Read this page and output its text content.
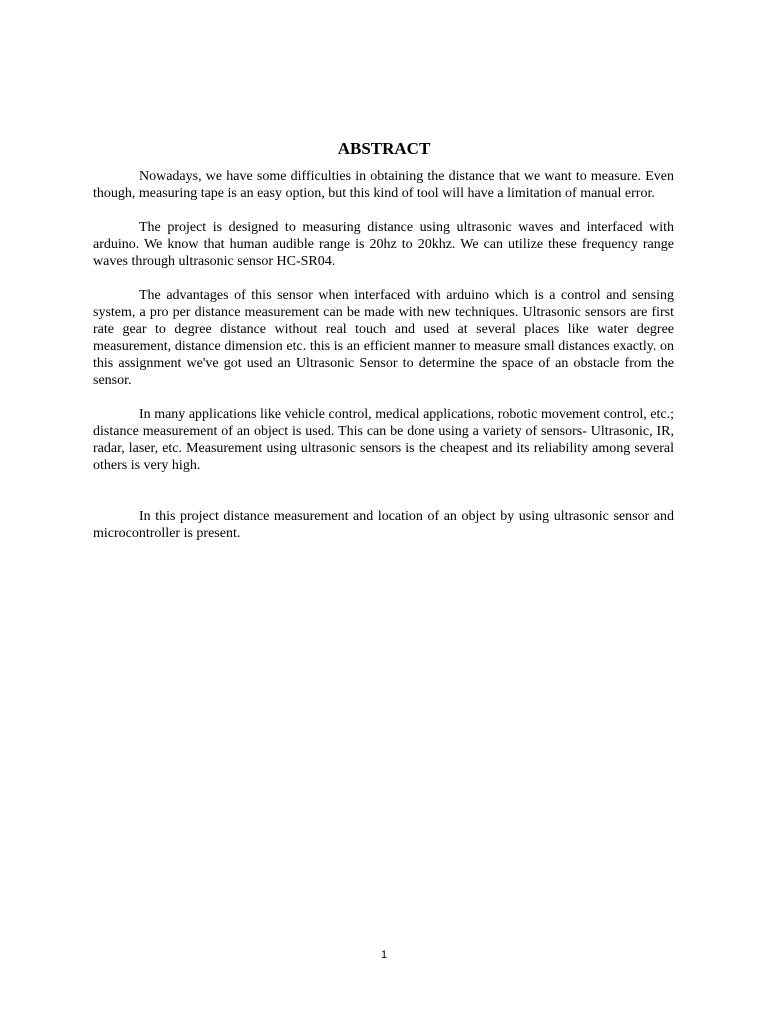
ABSTRACT

Nowadays, we have some difficulties in obtaining the distance that we want to measure. Even though, measuring tape is an easy option, but this kind of tool will have a limitation of manual error.

The project is designed to measuring distance using ultrasonic waves and interfaced with arduino. We know that human audible range is 20hz to 20khz. We can utilize these frequency range waves through ultrasonic sensor HC-SR04.

The advantages of this sensor when interfaced with arduino which is a control and sensing system, a pro per distance measurement can be made with new techniques. Ultrasonic sensors are first rate gear to degree distance without real touch and used at several places like water degree measurement, distance dimension etc. this is an efficient manner to measure small distances exactly. on this assignment we've got used an Ultrasonic Sensor to determine the space of an obstacle from the sensor.

In many applications like vehicle control, medical applications, robotic movement control, etc.; distance measurement of an object is used. This can be done using a variety of sensors- Ultrasonic, IR, radar, laser, etc. Measurement using ultrasonic sensors is the cheapest and its reliability among several others is very high.

In this project distance measurement and location of an object by using ultrasonic sensor and microcontroller is present.

1
